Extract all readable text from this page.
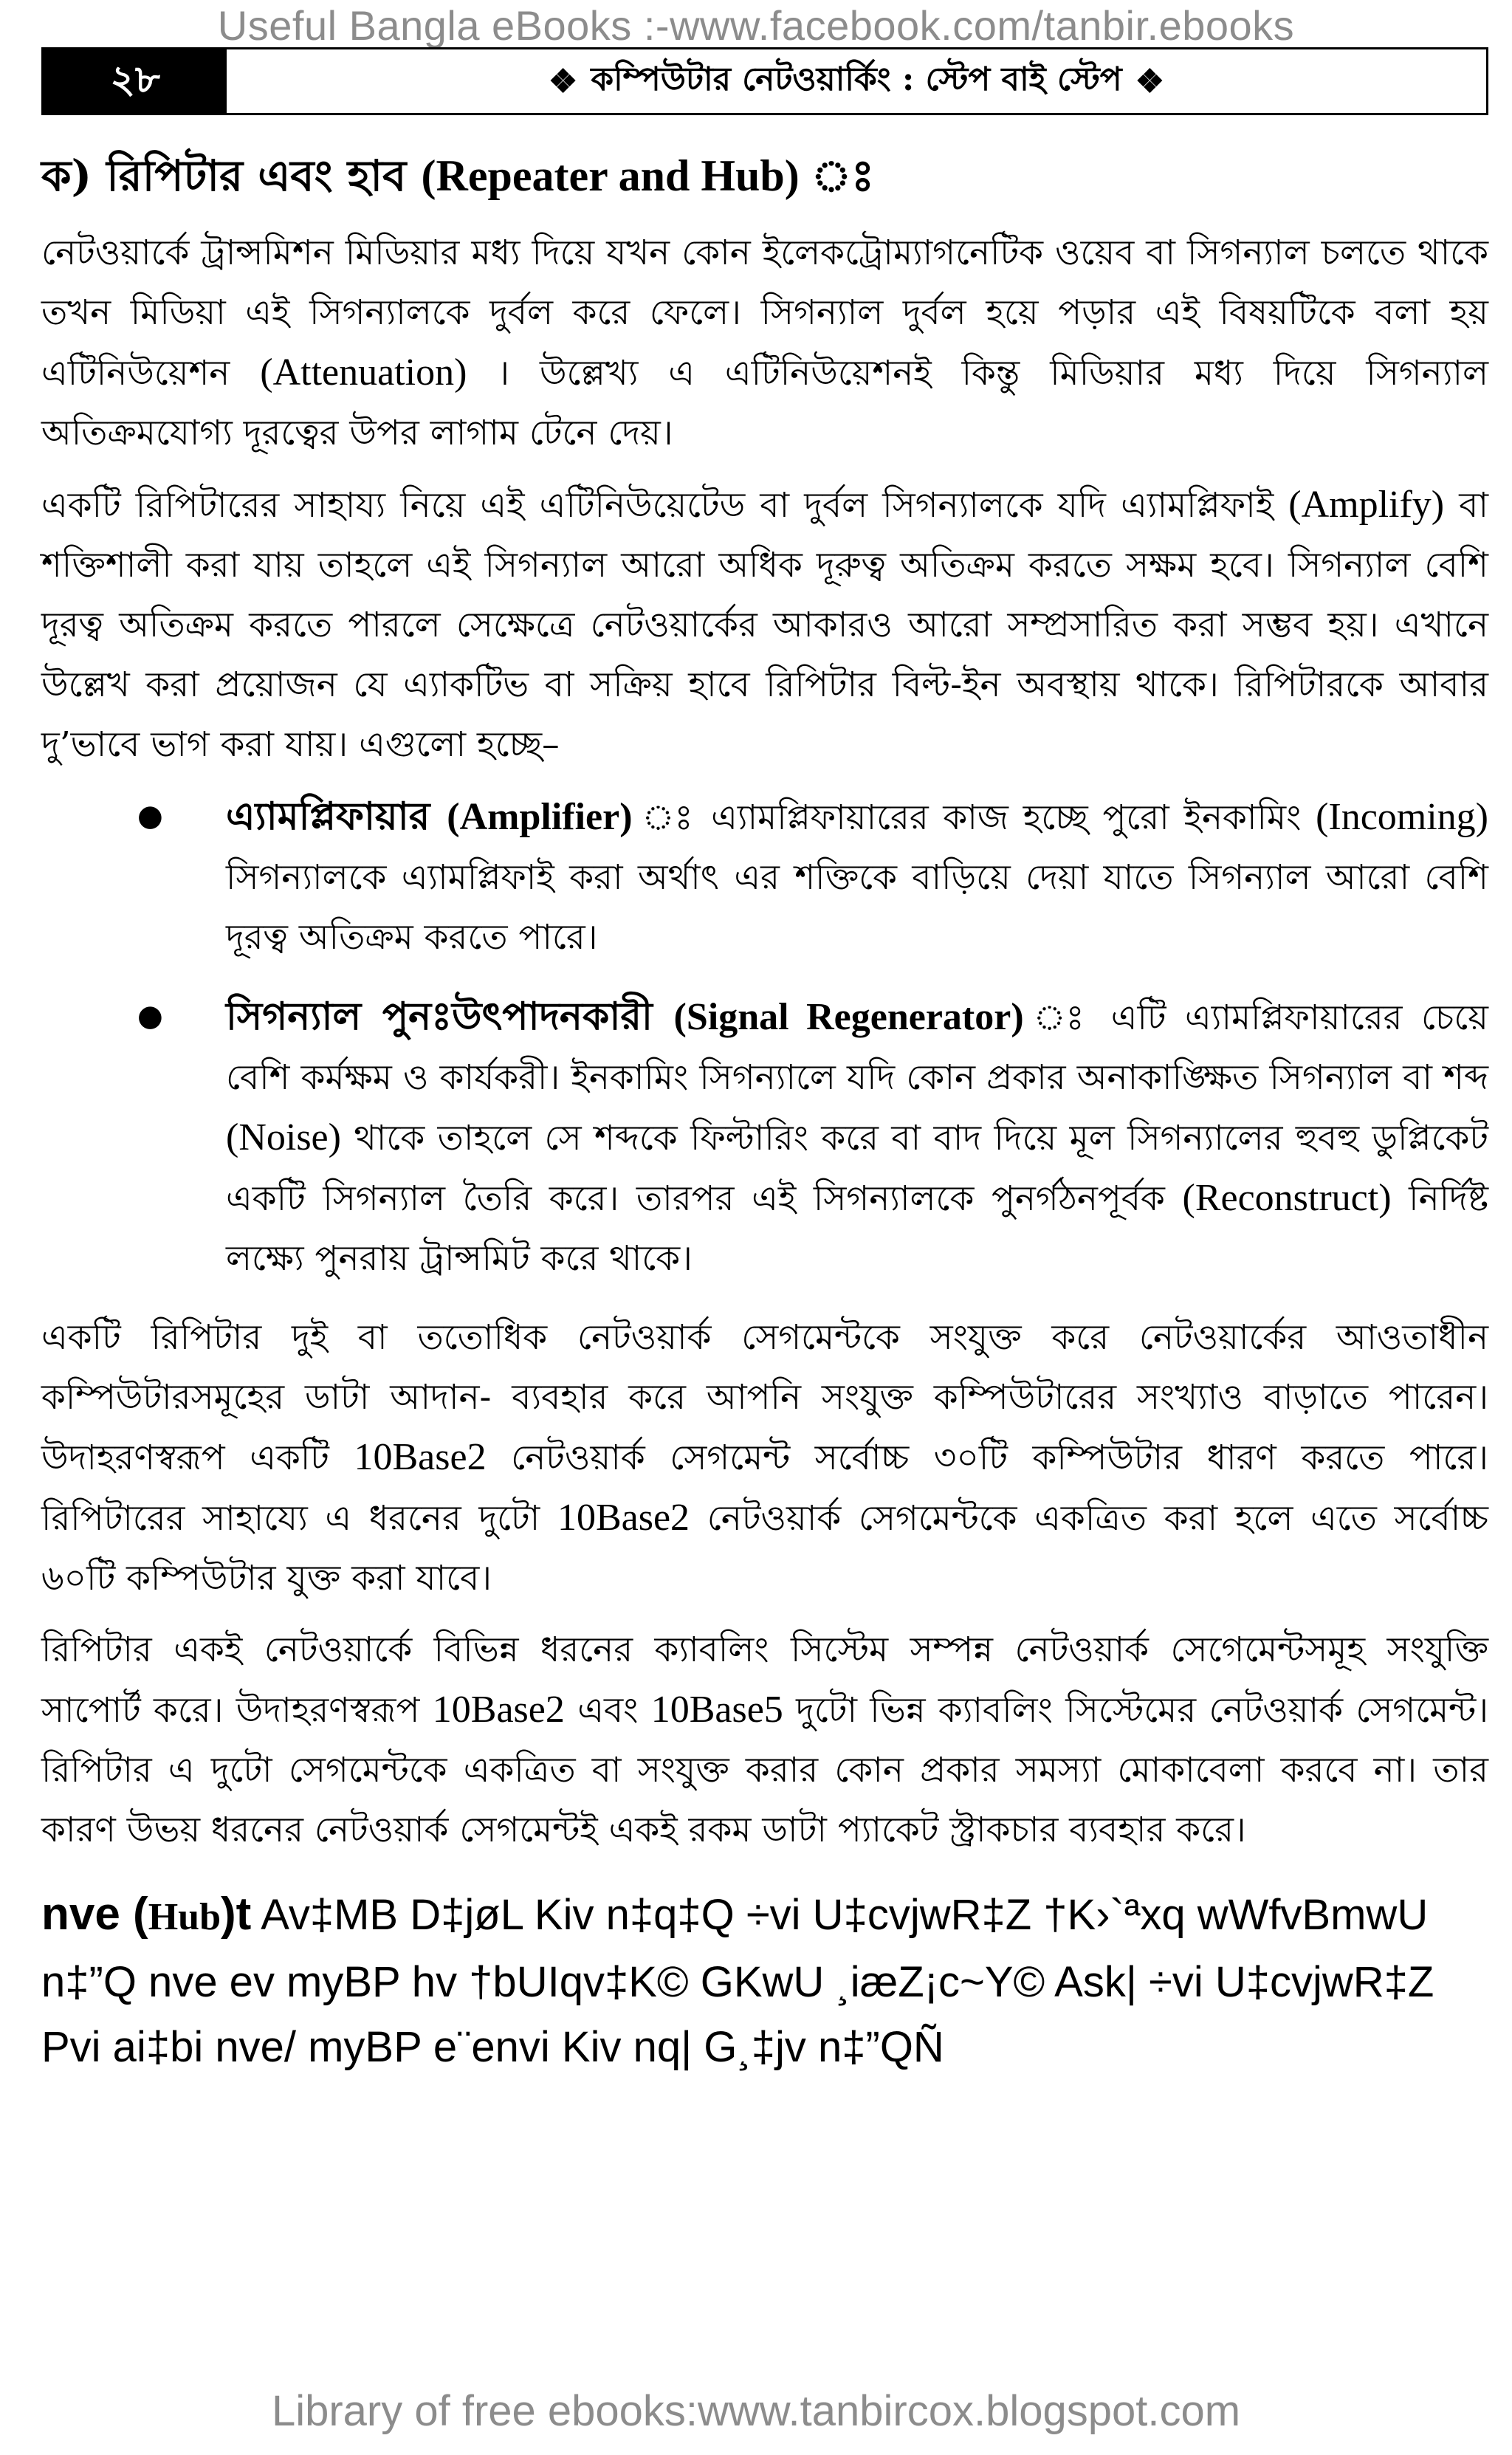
Useful Bangla eBooks :-www.facebook.com/tanbir.ebooks
২৮	❖ কম্পিউটার নেটওয়ার্কিং : স্টেপ বাই স্টেপ ❖
ক) রিপিটার এবং হাব (Repeater and Hub) ঃ

নেটওয়ার্কে ট্রান্সমিশন মিডিয়ার মধ্য দিয়ে যখন কোন ইলেকট্রোম্যাগনেটিক ওয়েব বা সিগন্যাল চলতে থাকে তখন মিডিয়া এই সিগন্যালকে দুর্বল করে ফেলে। সিগন্যাল দুর্বল হয়ে পড়ার এই বিষয়টিকে বলা হয় এটিনিউয়েশন (Attenuation) । উল্লেখ্য এ এটিনিউয়েশনই কিন্তু মিডিয়ার মধ্য দিয়ে সিগন্যাল অতিক্রমযোগ্য দূরত্বের উপর লাগাম টেনে দেয়।

একটি রিপিটারের সাহায্য নিয়ে এই এটিনিউয়েটেড বা দুর্বল সিগন্যালকে যদি এ্যামপ্লিফাই (Amplify) বা শক্তিশালী করা যায় তাহলে এই সিগন্যাল আরো অধিক দূরুত্ব অতিক্রম করতে সক্ষম হবে। সিগন্যাল বেশি দূরত্ব অতিক্রম করতে পারলে সেক্ষেত্রে নেটওয়ার্কের আকারও আরো সম্প্রসারিত করা সম্ভব হয়। এখানে উল্লেখ করা প্রয়োজন যে এ্যাকটিভ বা সক্রিয় হাবে রিপিটার বিল্ট-ইন অবস্থায় থাকে। রিপিটারকে আবার দু’ভাবে ভাগ করা যায়। এগুলো হচ্ছে–

● এ্যামপ্লিফায়ার (Amplifier) ঃ এ্যামপ্লিফায়ারের কাজ হচ্ছে পুরো ইনকামিং (Incoming) সিগন্যালকে এ্যামপ্লিফাই করা অর্থাৎ এর শক্তিকে বাড়িয়ে দেয়া যাতে সিগন্যাল আরো বেশি দূরত্ব অতিক্রম করতে পারে।
● সিগন্যাল পুনঃউৎপাদনকারী (Signal Regenerator) ঃ এটি এ্যামপ্লিফায়ারের চেয়ে বেশি কর্মক্ষম ও কার্যকরী। ইনকামিং সিগন্যালে যদি কোন প্রকার অনাকাঙ্ক্ষিত সিগন্যাল বা শব্দ (Noise) থাকে তাহলে সে শব্দকে ফিল্টারিং করে বা বাদ দিয়ে মূল সিগন্যালের হুবহু ডুপ্লিকেট একটি সিগন্যাল তৈরি করে। তারপর এই সিগন্যালকে পুনর্গঠনপূর্বক (Reconstruct) নির্দিষ্ট লক্ষ্যে পুনরায় ট্রান্সমিট করে থাকে।

একটি রিপিটার দুই বা ততোধিক নেটওয়ার্ক সেগমেন্টকে সংযুক্ত করে নেটওয়ার্কের আওতাধীন কম্পিউটারসমূহের ডাটা আদান- ব্যবহার করে আপনি সংযুক্ত কম্পিউটারের সংখ্যাও বাড়াতে পারেন। উদাহরণস্বরূপ একটি 10Base2 নেটওয়ার্ক সেগমেন্ট সর্বোচ্চ ৩০টি কম্পিউটার ধারণ করতে পারে। রিপিটারের সাহায্যে এ ধরনের দুটো 10Base2 নেটওয়ার্ক সেগমেন্টকে একত্রিত করা হলে এতে সর্বোচ্চ ৬০টি কম্পিউটার যুক্ত করা যাবে।

রিপিটার একই নেটওয়ার্কে বিভিন্ন ধরনের ক্যাবলিং সিস্টেম সম্পন্ন নেটওয়ার্ক সেগেমেন্টসমূহ সংযুক্তি সাপোর্ট করে। উদাহরণস্বরূপ 10Base2 এবং 10Base5 দুটো ভিন্ন ক্যাবলিং সিস্টেমের নেটওয়ার্ক সেগমেন্ট। রিপিটার এ দুটো সেগমেন্টকে একত্রিত বা সংযুক্ত করার কোন প্রকার সমস্যা মোকাবেলা করবে না। তার কারণ উভয় ধরনের নেটওয়ার্ক সেগমেন্টই একই রকম ডাটা প্যাকেট স্ট্রাকচার ব্যবহার করে।

nve (Hub)t Av‡MB D‡jøL Kiv n‡q‡Q ÷vi U‡cvjwR‡Z †K›`ªxq wWfvBmwU n‡”Q nve ev myBP hv †bUIqv‡K© GKwU ¸iæZ¡c~Y© Ask| ÷vi U‡cvjwR‡Z Pvi ai‡bi nve/ myBP e¨envi Kiv nq| G¸‡jv n‡”QÑ
Library of free ebooks:www.tanbircox.blogspot.com
